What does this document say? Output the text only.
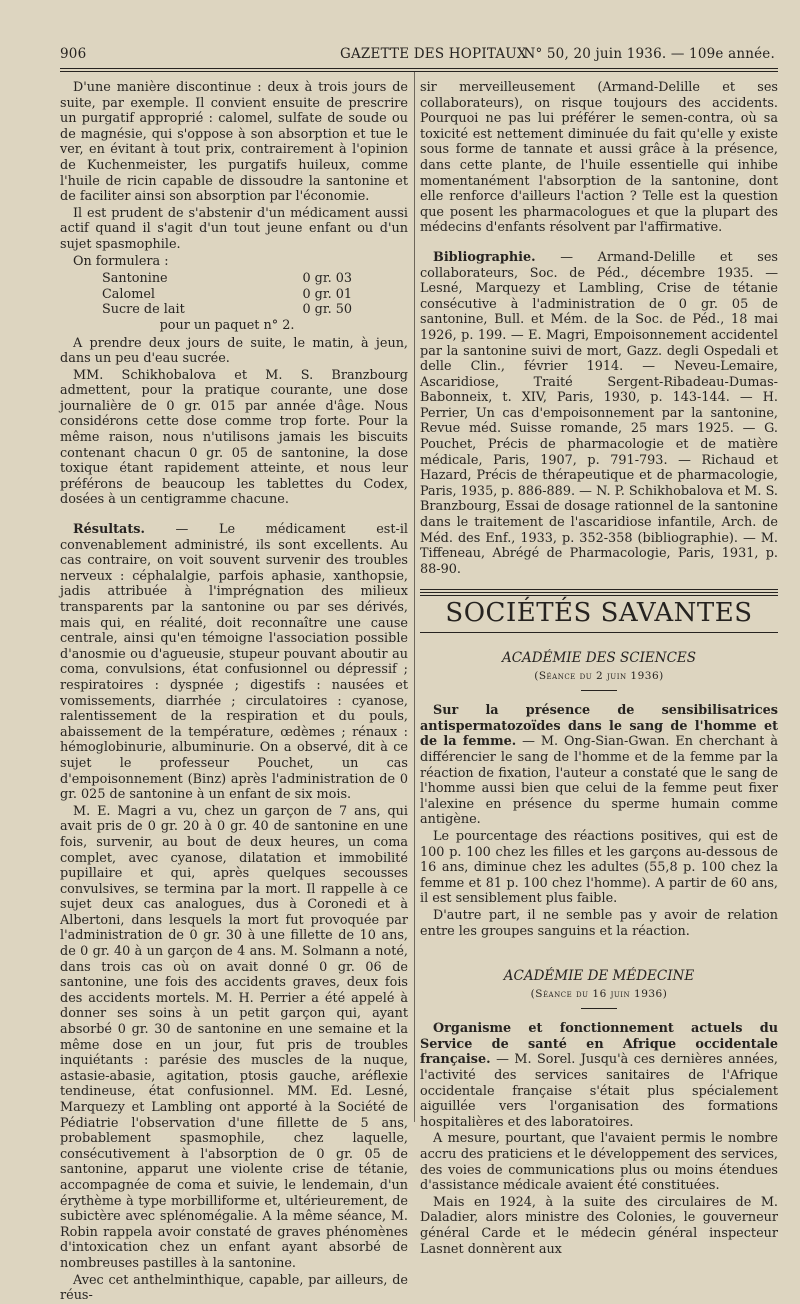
906	GAZETTE DES HOPITAUX
N° 50, 20 juin 1936. — 109e année.

D'une manière discontinue : deux à trois jours de suite, par exemple. Il convient ensuite de prescrire un purgatif approprié : calomel, sulfate de soude ou de magnésie, qui s'oppose à son absorption et tue le ver, en évitant à tout prix, contrairement à l'opinion de Kuchenmeister, les purgatifs huileux, comme l'huile de ricin capable de dissoudre la santonine et de faciliter ainsi son absorption par l'économie.

Il est prudent de s'abstenir d'un médicament aussi actif quand il s'agit d'un tout jeune enfant ou d'un sujet spasmophile.

On formulera :

Santonine	0 gr. 03
Calomel	0 gr. 01
Sucre de lait	0 gr. 50
pour un paquet n° 2.

A prendre deux jours de suite, le matin, à jeun, dans un peu d'eau sucrée.

MM. Schikhobalova et M. S. Branzbourg admettent, pour la pratique courante, une dose journalière de 0 gr. 015 par année d'âge. Nous considérons cette dose comme trop forte. Pour la même raison, nous n'utilisons jamais les biscuits contenant chacun 0 gr. 05 de santonine, la dose toxique étant rapidement atteinte, et nous leur préférons de beaucoup les tablettes du Codex, dosées à un centigramme chacune.

Résultats. — Le médicament est-il convenablement administré, ils sont excellents. Au cas contraire, on voit souvent survenir des troubles nerveux : céphalalgie, parfois aphasie, xanthopsie, jadis attribuée à l'imprégnation des milieux transparents par la santonine ou par ses dérivés, mais qui, en réalité, doit reconnaître une cause centrale, ainsi qu'en témoigne l'association possible d'anosmie ou d'agueusie, stupeur pouvant aboutir au coma, convulsions, état confusionnel ou dépressif ; respiratoires : dyspnée ; digestifs : nausées et vomissements, diarrhée ; circulatoires : cyanose, ralentissement de la respiration et du pouls, abaissement de la température, œdèmes ; rénaux : hémoglobinurie, albuminurie. On a observé, dit à ce sujet le professeur Pouchet, un cas d'empoisonnement (Binz) après l'administration de 0 gr. 025 de santonine à un enfant de six mois.

M. E. Magri a vu, chez un garçon de 7 ans, qui avait pris de 0 gr. 20 à 0 gr. 40 de santonine en une fois, survenir, au bout de deux heures, un coma complet, avec cyanose, dilatation et immobilité pupillaire et qui, après quelques secousses convulsives, se termina par la mort. Il rappelle à ce sujet deux cas analogues, dus à Coronedi et à Albertoni, dans lesquels la mort fut provoquée par l'administration de 0 gr. 30 à une fillette de 10 ans, de 0 gr. 40 à un garçon de 4 ans. M. Solmann a noté, dans trois cas où on avait donné 0 gr. 06 de santonine, une fois des accidents graves, deux fois des accidents mortels. M. H. Perrier a été appelé à donner ses soins à un petit garçon qui, ayant absorbé 0 gr. 30 de santonine en une semaine et la même dose en un jour, fut pris de troubles inquiétants : parésie des muscles de la nuque, astasie-abasie, agitation, ptosis gauche, aréflexie tendineuse, état confusionnel. MM. Ed. Lesné, Marquezy et Lambling ont apporté à la Société de Pédiatrie l'observation d'une fillette de 5 ans, probablement spasmophile, chez laquelle, consécutivement à l'absorption de 0 gr. 05 de santonine, apparut une violente crise de tétanie, accompagnée de coma et suivie, le lendemain, d'un érythème à type morbilliforme et, ultérieurement, de subictère avec splénomégalie. A la même séance, M. Robin rappela avoir constaté de graves phénomènes d'intoxication chez un enfant ayant absorbé de nombreuses pastilles à la santonine.

Avec cet anthelminthique, capable, par ailleurs, de réus-

sir merveilleusement (Armand-Delille et ses collaborateurs), on risque toujours des accidents. Pourquoi ne pas lui préférer le semen-contra, où sa toxicité est nettement diminuée du fait qu'elle y existe sous forme de tannate et aussi grâce à la présence, dans cette plante, de l'huile essentielle qui inhibe momentanément l'absorption de la santonine, dont elle renforce d'ailleurs l'action ? Telle est la question que posent les pharmacologues et que la plupart des médecins d'enfants résolvent par l'affirmative.

Bibliographie. — Armand-Delille et ses collaborateurs, Soc. de Péd., décembre 1935. — Lesné, Marquezy et Lambling, Crise de tétanie consécutive à l'administration de 0 gr. 05 de santonine, Bull. et Mém. de la Soc. de Péd., 18 mai 1926, p. 199. — E. Magri, Empoisonnement accidentel par la santonine suivi de mort, Gazz. degli Ospedali et delle Clin., février 1914. — Neveu-Lemaire, Ascaridiose, Traité Sergent-Ribadeau-Dumas-Babonneix, t. XIV, Paris, 1930, p. 143-144. — H. Perrier, Un cas d'empoisonnement par la santonine, Revue méd. Suisse romande, 25 mars 1925. — G. Pouchet, Précis de pharmacologie et de matière médicale, Paris, 1907, p. 791-793. — Richaud et Hazard, Précis de thérapeutique et de pharmacologie, Paris, 1935, p. 886-889. — N. P. Schikhobalova et M. S. Branzbourg, Essai de dosage rationnel de la santonine dans le traitement de l'ascaridiose infantile, Arch. de Méd. des Enf., 1933, p. 352-358 (bibliographie). — M. Tiffeneau, Abrégé de Pharmacologie, Paris, 1931, p. 88-90.

SOCIÉTÉS SAVANTES
ACADÉMIE DES SCIENCES
(Séance du 2 juin 1936)

Sur la présence de sensibilisatrices antispermatozoïdes dans le sang de l'homme et de la femme. — M. Ong-Sian-Gwan. En cherchant à différencier le sang de l'homme et de la femme par la réaction de fixation, l'auteur a constaté que le sang de l'homme aussi bien que celui de la femme peut fixer l'alexine en présence du sperme humain comme antigène.

Le pourcentage des réactions positives, qui est de 100 p. 100 chez les filles et les garçons au-dessous de 16 ans, diminue chez les adultes (55,8 p. 100 chez la femme et 81 p. 100 chez l'homme). A partir de 60 ans, il est sensiblement plus faible.

D'autre part, il ne semble pas y avoir de relation entre les groupes sanguins et la réaction.

ACADÉMIE DE MÉDECINE
(Séance du 16 juin 1936)

Organisme et fonctionnement actuels du Service de santé en Afrique occidentale française. — M. Sorel. Jusqu'à ces dernières années, l'activité des services sanitaires de l'Afrique occidentale française s'était plus spécialement aiguillée vers l'organisation des formations hospitalières et des laboratoires.

A mesure, pourtant, que l'avaient permis le nombre accru des praticiens et le développement des services, des voies de communications plus ou moins étendues d'assistance médicale avaient été constituées.

Mais en 1924, à la suite des circulaires de M. Daladier, alors ministre des Colonies, le gouverneur général Carde et le médecin général inspecteur Lasnet donnèrent aux
